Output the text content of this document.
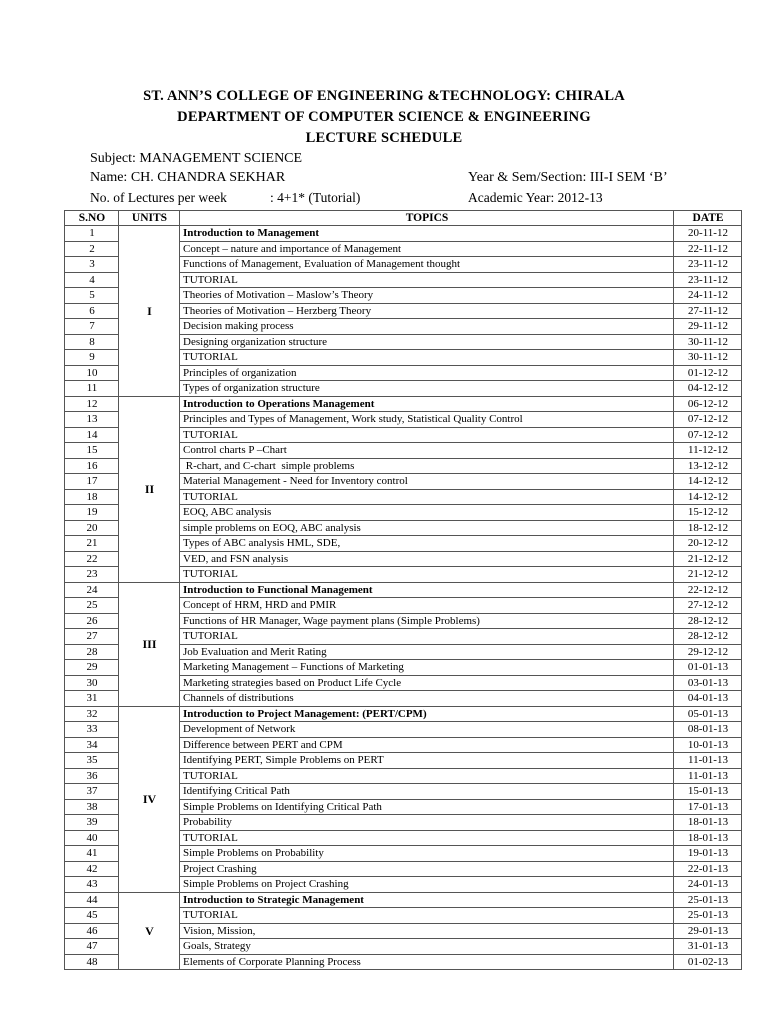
ST. ANN’S COLLEGE OF ENGINEERING &TECHNOLOGY: CHIRALA
DEPARTMENT OF COMPUTER SCIENCE & ENGINEERING
LECTURE SCHEDULE
Subject: MANAGEMENT SCIENCE
Name: CH. CHANDRA SEKHAR	Year & Sem/Section: III-I SEM ‘B’
No. of Lectures per week	: 4+1* (Tutorial)	Academic Year: 2012-13
S.NO	UNITS	TOPICS	DATE
1	I	Introduction to Management	20-11-12
2		Concept – nature and importance of Management	22-11-12
3		Functions of Management, Evaluation of Management thought	23-11-12
4		TUTORIAL	23-11-12
5		Theories of Motivation – Maslow’s Theory	24-11-12
6		Theories of Motivation – Herzberg Theory	27-11-12
7		Decision making process	29-11-12
8		Designing organization structure	30-11-12
9		TUTORIAL	30-11-12
10		Principles of organization	01-12-12
11		Types of organization structure	04-12-12
12	II	Introduction to Operations Management	06-12-12
13		Principles and Types of Management, Work study, Statistical Quality Control	07-12-12
14		TUTORIAL	07-12-12
15		Control charts P –Chart	11-12-12
16		R-chart, and C-chart  simple problems	13-12-12
17		Material Management - Need for Inventory control	14-12-12
18		TUTORIAL	14-12-12
19		EOQ, ABC analysis	15-12-12
20		simple problems on EOQ, ABC analysis	18-12-12
21		Types of ABC analysis HML, SDE,	20-12-12
22		VED, and FSN analysis	21-12-12
23		TUTORIAL	21-12-12
24	III	Introduction to Functional Management	22-12-12
25		Concept of HRM, HRD and PMIR	27-12-12
26		Functions of HR Manager, Wage payment plans (Simple Problems)	28-12-12
27		TUTORIAL	28-12-12
28		Job Evaluation and Merit Rating	29-12-12
29		Marketing Management – Functions of Marketing	01-01-13
30		Marketing strategies based on Product Life Cycle	03-01-13
31		Channels of distributions	04-01-13
32	IV	Introduction to Project Management: (PERT/CPM)	05-01-13
33		Development of Network	08-01-13
34		Difference between PERT and CPM	10-01-13
35		Identifying PERT, Simple Problems on PERT	11-01-13
36		TUTORIAL	11-01-13
37		Identifying Critical Path	15-01-13
38		Simple Problems on Identifying Critical Path	17-01-13
39		Probability	18-01-13
40		TUTORIAL	18-01-13
41		Simple Problems on Probability	19-01-13
42		Project Crashing	22-01-13
43		Simple Problems on Project Crashing	24-01-13
44	V	Introduction to Strategic Management	25-01-13
45		TUTORIAL	25-01-13
46		Vision, Mission,	29-01-13
47		Goals, Strategy	31-01-13
48		Elements of Corporate Planning Process	01-02-13
